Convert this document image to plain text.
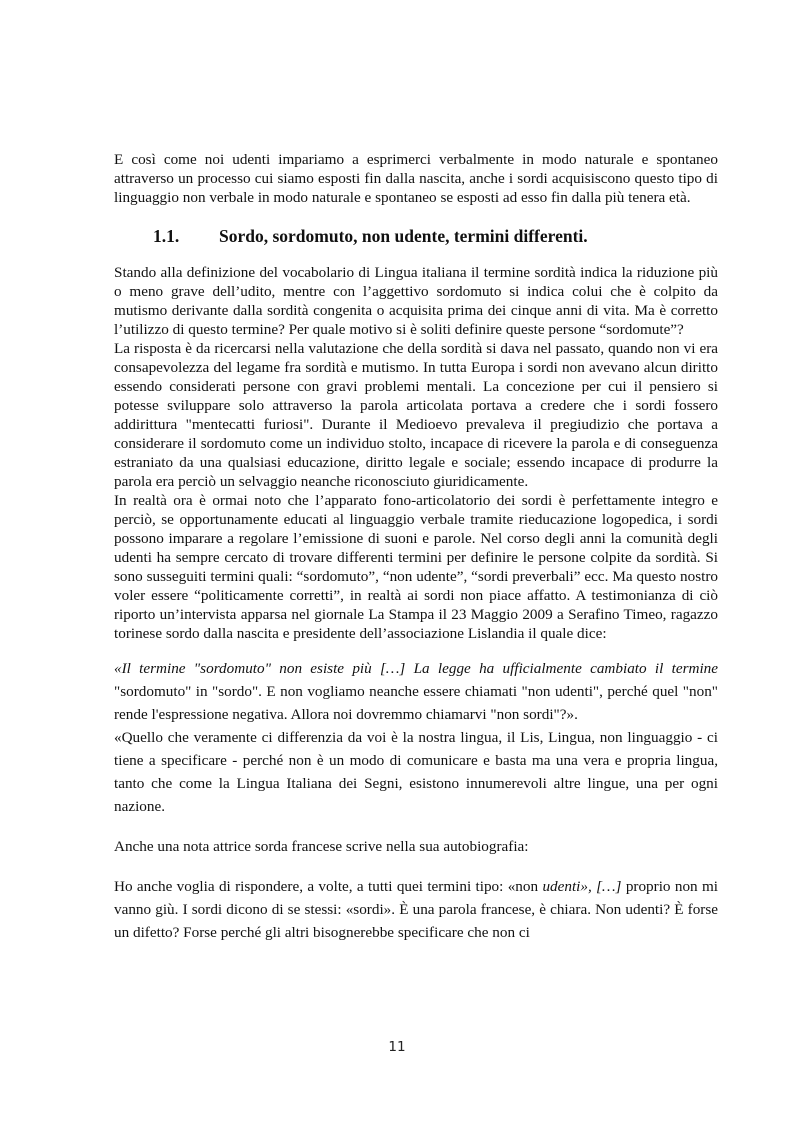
E così come noi udenti impariamo a esprimerci verbalmente in modo naturale e spontaneo attraverso un processo cui siamo esposti fin dalla nascita, anche i sordi acquisiscono questo tipo di linguaggio non verbale in modo naturale e spontaneo se esposti ad esso fin dalla più tenera età.

1.1. Sordo, sordomuto, non udente, termini differenti.

Stando alla definizione del vocabolario di Lingua italiana il termine sordità indica la riduzione più o meno grave dell’udito, mentre con l’aggettivo sordomuto si indica colui che è colpito da mutismo derivante dalla sordità congenita o acquisita prima dei cinque anni di vita. Ma è corretto l’utilizzo di questo termine? Per quale motivo si è soliti definire queste persone “sordomute”?

La risposta è da ricercarsi nella valutazione che della sordità si dava nel passato, quando non vi era consapevolezza del legame fra sordità e mutismo. In tutta Europa i sordi non avevano alcun diritto essendo considerati persone con gravi problemi mentali. La concezione per cui il pensiero si potesse sviluppare solo attraverso la parola articolata portava a credere che i sordi fossero addirittura "mentecatti furiosi". Durante il Medioevo prevaleva il pregiudizio che portava a considerare il sordomuto come un individuo stolto, incapace di ricevere la parola e di conseguenza estraniato da una qualsiasi educazione, diritto legale e sociale; essendo incapace di produrre la parola era perciò un selvaggio neanche riconosciuto giuridicamente.

In realtà ora è ormai noto che l’apparato fono-articolatorio dei sordi è perfettamente integro e perciò, se opportunamente educati al linguaggio verbale tramite rieducazione logopedica, i sordi possono imparare a regolare l’emissione di suoni e parole. Nel corso degli anni la comunità degli udenti ha sempre cercato di trovare differenti termini per definire le persone colpite da sordità. Si sono susseguiti termini quali: “sordomuto”, “non udente”, “sordi preverbali” ecc. Ma questo nostro voler essere “politicamente corretti”, in realtà ai sordi non piace affatto. A testimonianza di ciò riporto un’intervista apparsa nel giornale La Stampa il 23 Maggio 2009 a Serafino Timeo, ragazzo torinese sordo dalla nascita e presidente dell’associazione Lislandia il quale dice:

«Il termine "sordomuto" non esiste più […] La legge ha ufficialmente cambiato il termine "sordomuto" in "sordo". E non vogliamo neanche essere chiamati "non udenti", perché quel "non" rende l'espressione negativa. Allora noi dovremmo chiamarvi "non sordi"?».

«Quello che veramente ci differenzia da voi è la nostra lingua, il Lis, Lingua, non linguaggio - ci tiene a specificare - perché non è un modo di comunicare e basta ma una vera e propria lingua, tanto che come la Lingua Italiana dei Segni, esistono innumerevoli altre lingue, una per ogni nazione.

Anche una nota attrice sorda francese scrive nella sua autobiografia:

Ho anche voglia di rispondere, a volte, a tutti quei termini tipo: «non udenti», […] proprio non mi vanno giù. I sordi dicono di se stessi: «sordi». È una parola francese, è chiara. Non udenti? È forse un difetto? Forse perché gli altri bisognerebbe specificare che non ci

11
